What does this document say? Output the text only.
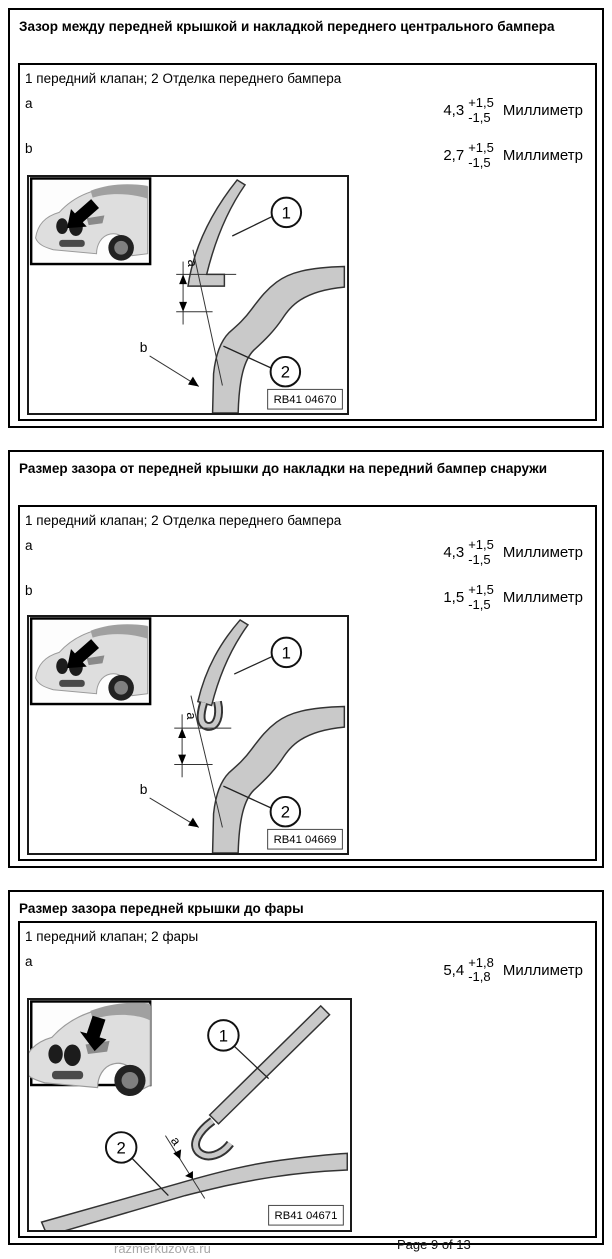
Зазор между передней крышкой и накладкой переднего центрального бампера
1 передний клапан; 2 Отделка переднего бампера
a	4,3 +1,5
-1,5 Миллиметр
b	2,7 +1,5
-1,5 Миллиметр
a
b
1
2
RB41 04670
Размер зазора от передней крышки до накладки на передний бампер снаружи
1 передний клапан; 2 Отделка переднего бампера
a	4,3 +1,5
-1,5 Миллиметр
b	1,5 +1,5
-1,5 Миллиметр
a
b
1
2
RB41 04669
Размер зазора передней крышки до фары
1 передний клапан; 2 фары
a	5,4 +1,8
-1,8 Миллиметр
a
1
2
RB41 04671
razmerkuzova.ru	Page 9 of 13
